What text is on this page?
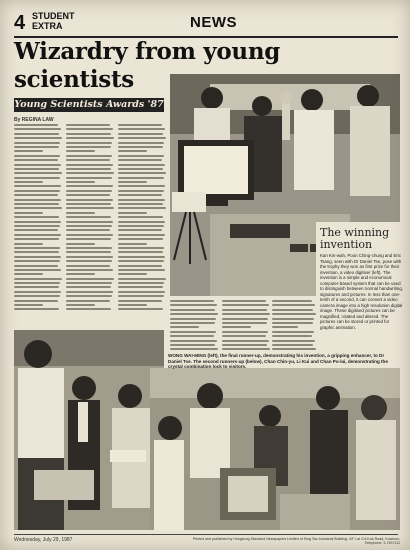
4 STUDENT EXTRA	NEWS
Wizardry from young scientists
Young Scientists Awards '87
By REGINA LAW
The winning invention
Kan Kin-wah, Poon Ching-chung and Eric Tsang, seen with Dr Daniel Tse, pose with the trophy they won as first prize for their invention, a video digitiser (left). The invention is a simple and economical computer-based system that can be used to distinguish between normal handwriting, signatures and pictures. In less than one-tenth of a second, it can convert a video camera image into a high resolution digital image. These digitised pictures can be magnified, rotated and altered. The pictures can be stored or printed for graphic animation.
WONG WAI-MING (left), the final runner-up, demonstrating his invention, a gripping enhancer, to Dr Daniel Tse. The second runners-up (below), Chan Chin-yu, Li Kui and Chan Po-lai, demonstrating the crystal combination lock to visitors.
Wednesday, July 29, 1987	Printed and published by Hongkong Standard Newspapers Limited of Sing Tao Industrial Building, 4/F Lai Chi Kok Road, Kowloon, Telephone: 3-7457111
